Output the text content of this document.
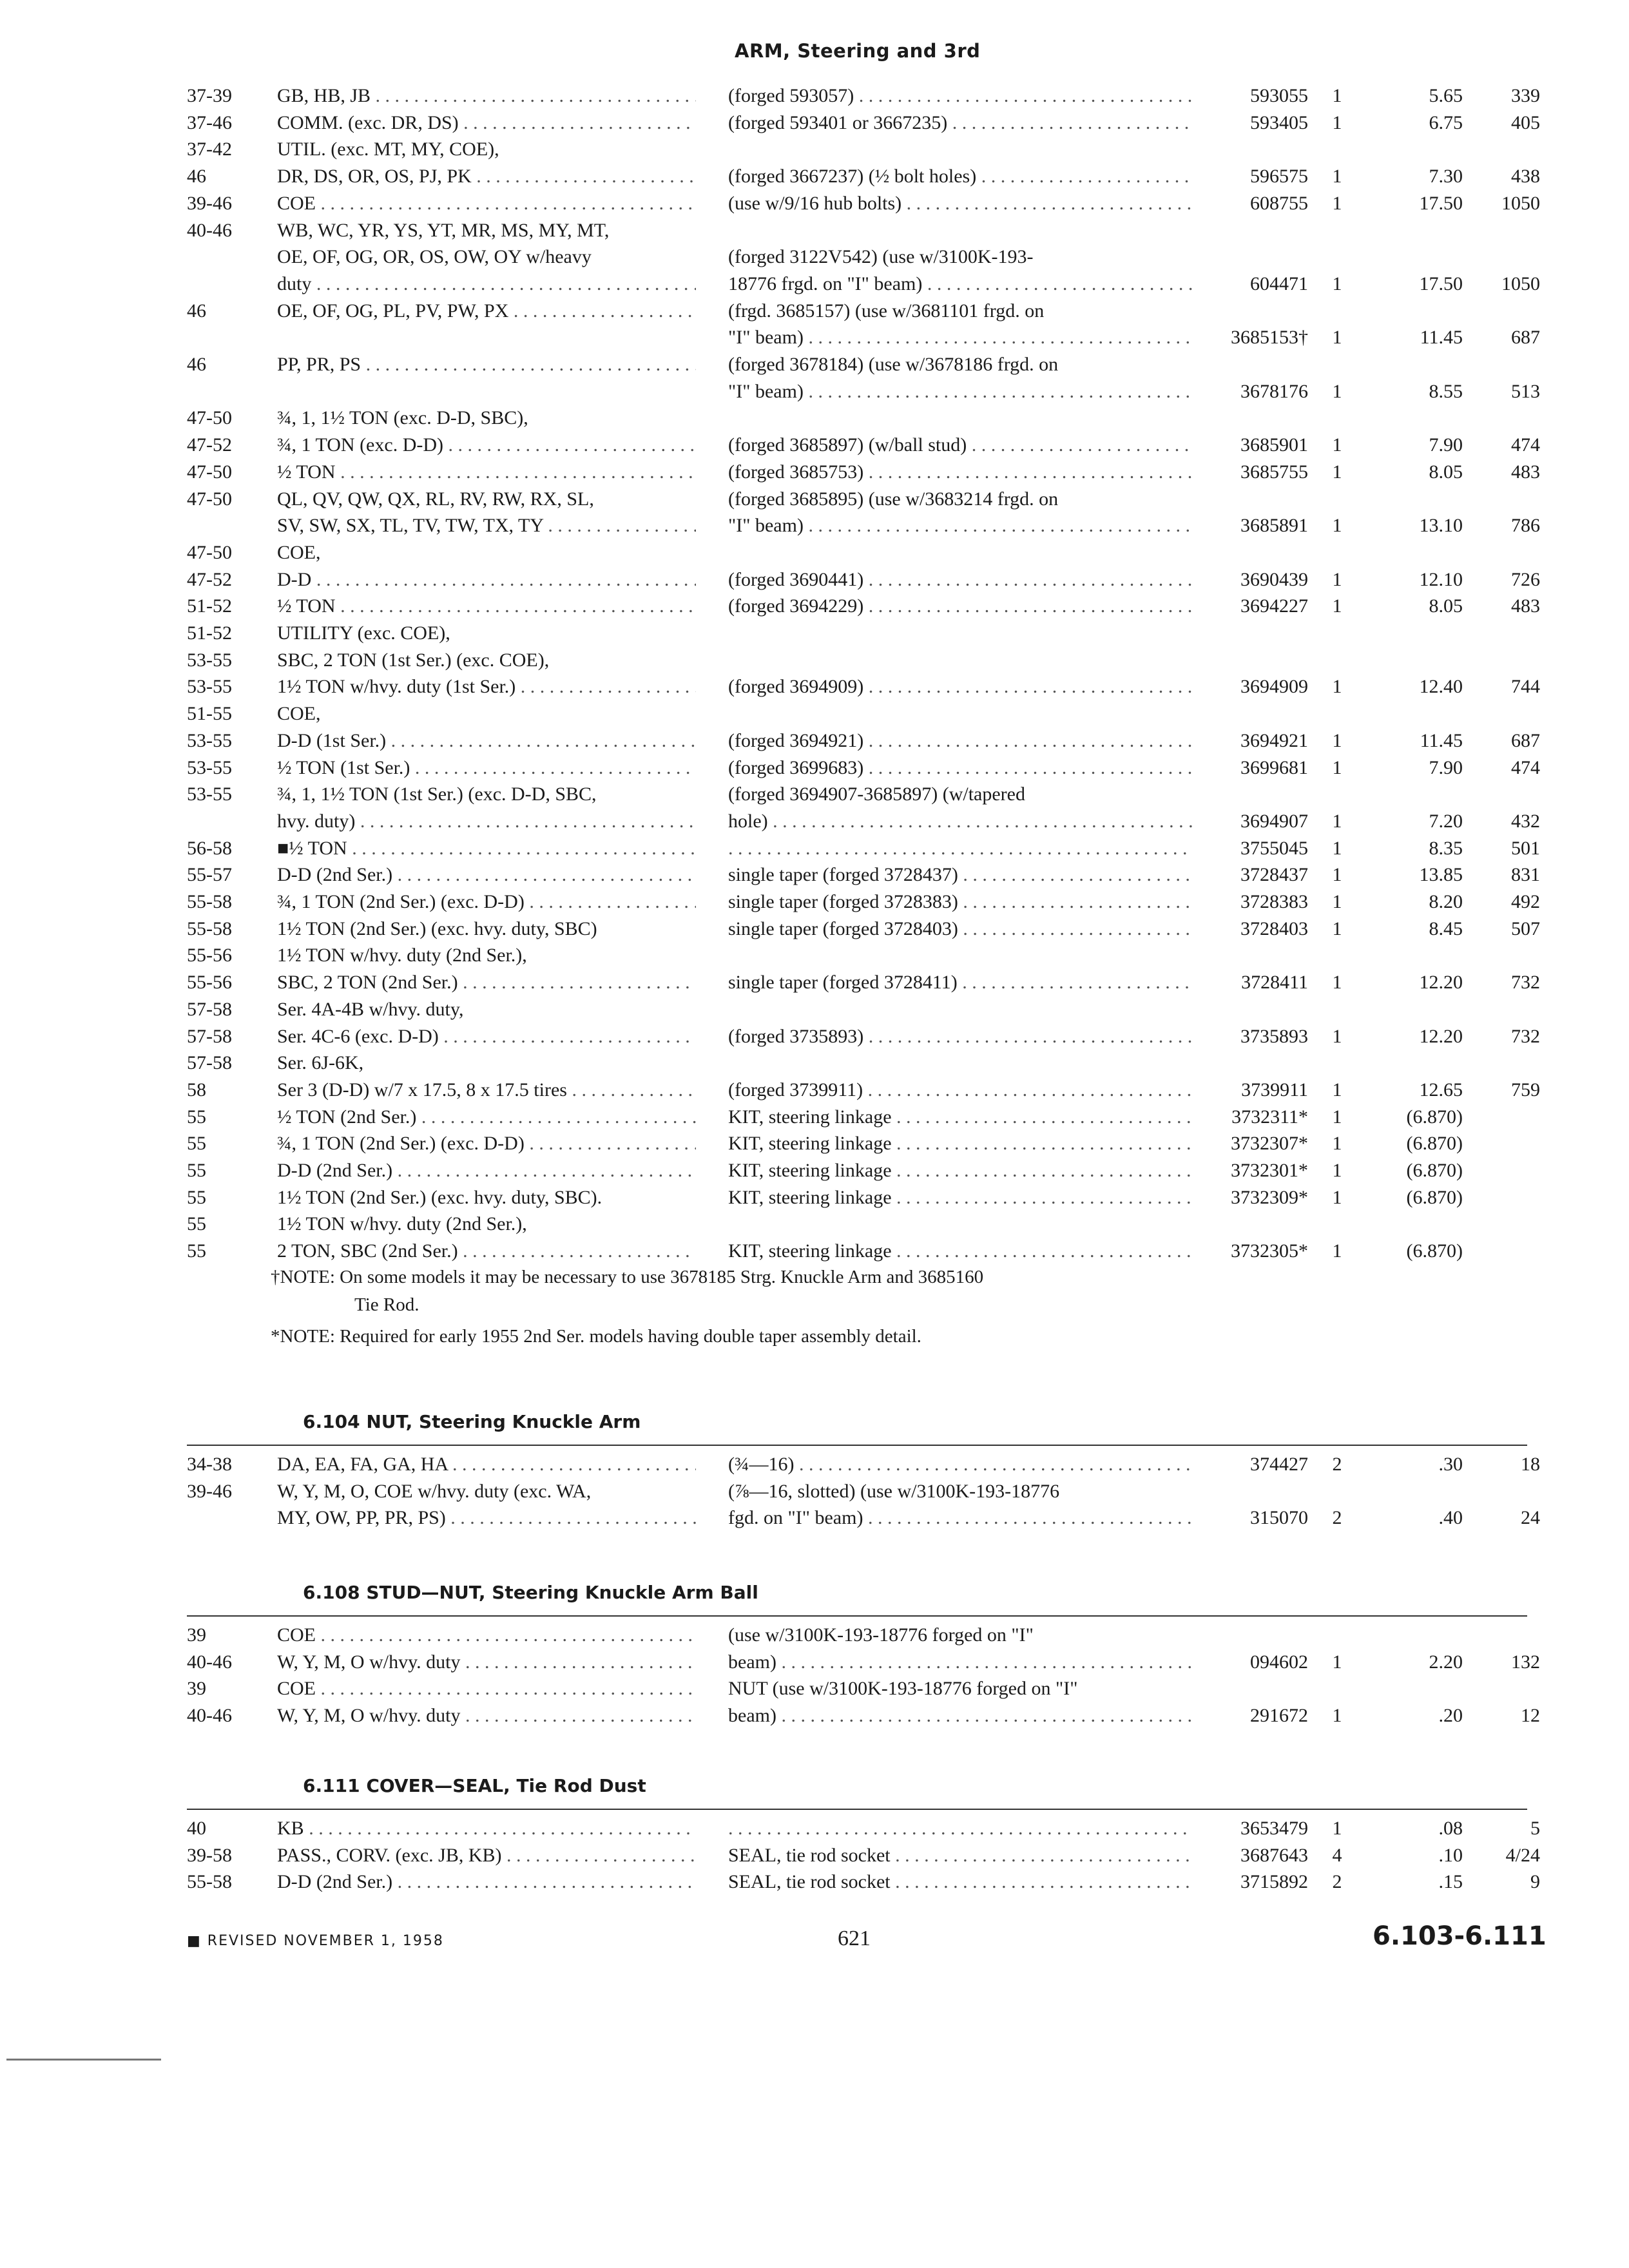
ARM, Steering and 3rd
37-39	GB, HB, JB . . .	(forged 593057) . . .	593055 1	5.65	339
37-46	COMM. (exc. DR, DS) . . .	(forged 593401 or 3667235) . . .	593405 1	6.75	405
37-42	UTIL. (exc. MT, MY, COE),
46	DR, DS, OR, OS, PJ, PK . . .	(forged 3667237) (½ bolt holes) . . .	596575 1	7.30	438
39-46	COE . . .	(use w/9/16 hub bolts) . . .	608755 1	17.50	1050
40-46	WB, WC, YR, YS, YT, MR, MS, MY, MT,
OE, OF, OG, OR, OS, OW, OY w/heavy	(forged 3122V542) (use w/3100K-193-
duty . . .	18776 frgd. on "I" beam) . . .	604471 1	17.50	1050
46	OE, OF, OG, PL, PV, PW, PX . . .	(frgd. 3685157) (use w/3681101 frgd. on
"I" beam) . . .	3685153† 1	11.45	687
46	PP, PR, PS . . .	(forged 3678184) (use w/3678186 frgd. on
"I" beam) . . .	3678176 1	8.55	513
47-50	¾, 1, 1½ TON (exc. D-D, SBC),
47-52	¾, 1 TON (exc. D-D) . . .	(forged 3685897) (w/ball stud) . . .	3685901 1	7.90	474
47-50	½ TON . . .	(forged 3685753) . . .	3685755 1	8.05	483
47-50	QL, QV, QW, QX, RL, RV, RW, RX, SL,	(forged 3685895) (use w/3683214 frgd. on
SV, SW, SX, TL, TV, TW, TX, TY . . .	"I" beam) . . .	3685891 1	13.10	786
47-50	COE,
47-52	D-D . . .	(forged 3690441) . . .	3690439 1	12.10	726
51-52	½ TON . . .	(forged 3694229) . . .	3694227 1	8.05	483
51-52	UTILITY (exc. COE),
53-55	SBC, 2 TON (1st Ser.) (exc. COE),
53-55	1½ TON w/hvy. duty (1st Ser.) . . .	(forged 3694909) . . .	3694909 1	12.40	744
51-55	COE,
53-55	D-D (1st Ser.) . . .	(forged 3694921) . . .	3694921 1	11.45	687
53-55	½ TON (1st Ser.) . . .	(forged 3699683) . . .	3699681 1	7.90	474
53-55	¾, 1, 1½ TON (1st Ser.) (exc. D-D, SBC,	(forged 3694907-3685897) (w/tapered
hvy. duty) . . .	hole) . . .	3694907 1	7.20	432
56-58	■½ TON . . . . . .	3755045 1	8.35	501
55-57	D-D (2nd Ser.) . . .	single taper (forged 3728437) . . .	3728437 1	13.85	831
55-58	¾, 1 TON (2nd Ser.) (exc. D-D) . . .	single taper (forged 3728383) . . .	3728383 1	8.20	492
55-58	1½ TON (2nd Ser.) (exc. hvy. duty, SBC)	single taper (forged 3728403) . . .	3728403 1	8.45	507
55-56	1½ TON w/hvy. duty (2nd Ser.),
55-56	SBC, 2 TON (2nd Ser.) . . .	single taper (forged 3728411) . . .	3728411 1	12.20	732
57-58	Ser. 4A-4B w/hvy. duty,
57-58	Ser. 4C-6 (exc. D-D) . . .	(forged 3735893) . . .	3735893 1	12.20	732
57-58	Ser. 6J-6K,
58	Ser 3 (D-D) w/7 x 17.5, 8 x 17.5 tires . . .	(forged 3739911) . . .	3739911 1	12.65	759
55	½ TON (2nd Ser.) . . .	KIT, steering linkage . . .	3732311* 1	(6.870)
55	¾, 1 TON (2nd Ser.) (exc. D-D) . . .	KIT, steering linkage . . .	3732307* 1	(6.870)
55	D-D (2nd Ser.) . . .	KIT, steering linkage . . .	3732301* 1	(6.870)
55	1½ TON (2nd Ser.) (exc. hvy. duty, SBC).	KIT, steering linkage . . .	3732309* 1	(6.870)
55	1½ TON w/hvy. duty (2nd Ser.),
55	2 TON, SBC (2nd Ser.) . . .	KIT, steering linkage . . .	3732305* 1	(6.870)
†NOTE: On some models it may be necessary to use 3678185 Strg. Knuckle Arm and 3685160
Tie Rod.
*NOTE: Required for early 1955 2nd Ser. models having double taper assembly detail.
6.104 NUT, Steering Knuckle Arm
34-38	DA, EA, FA, GA, HA . . .	(¾—16) . . .	374427 2	.30	18
39-46	W, Y, M, O, COE w/hvy. duty (exc. WA,	(⅞—16, slotted) (use w/3100K-193-18776
MY, OW, PP, PR, PS) . . .	fgd. on "I" beam) . . .	315070 2	.40	24
6.108 STUD—NUT, Steering Knuckle Arm Ball
39	COE . . .	(use w/3100K-193-18776 forged on "I"
40-46	W, Y, M, O w/hvy. duty . . .	beam) . . .	094602 1	2.20	132
39	COE . . .	NUT (use w/3100K-193-18776 forged on "I"
40-46	W, Y, M, O w/hvy. duty . . .	beam) . . .	291672 1	.20	12
6.111 COVER—SEAL, Tie Rod Dust
40	KB . . . . . .	3653479 1	.08	5
39-58	PASS., CORV. (exc. JB, KB) . . .	SEAL, tie rod socket . . .	3687643 4	.10	4/24
55-58	D-D (2nd Ser.) . . .	SEAL, tie rod socket . . .	3715892 2	.15	9
■ REVISED NOVEMBER 1, 1958	621	6.103-6.111
